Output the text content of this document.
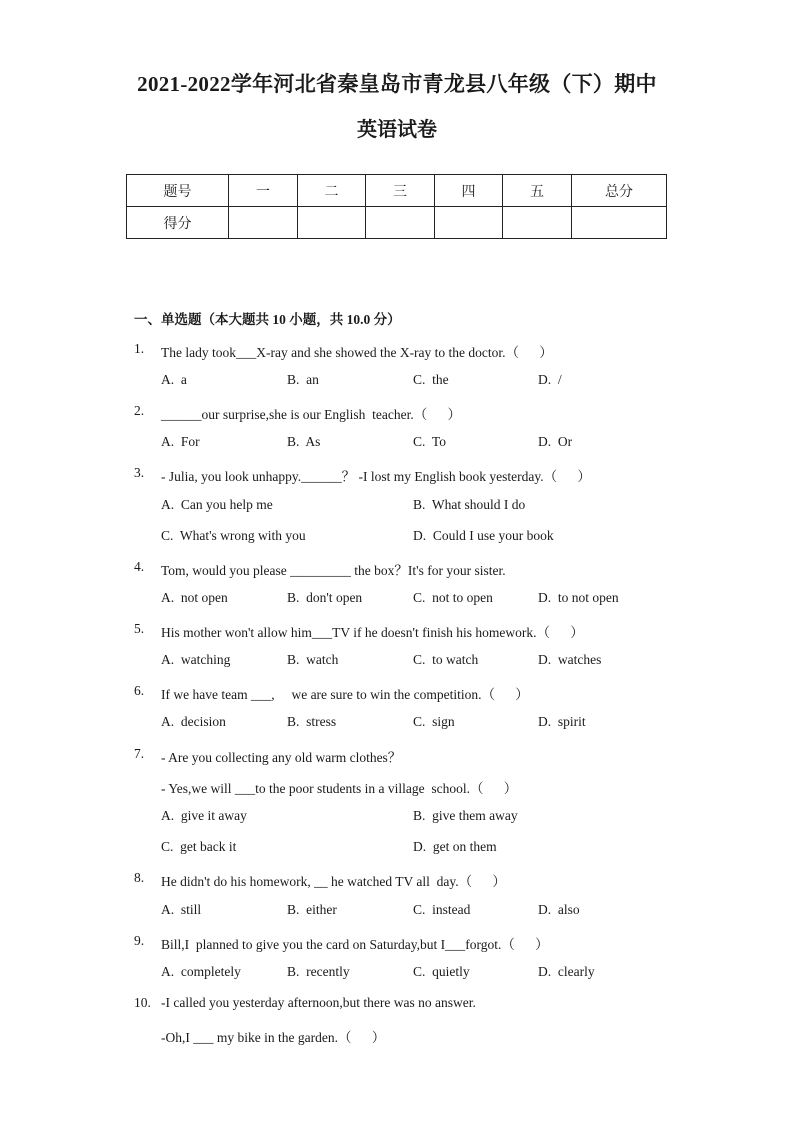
2021-2022学年河北省秦皇岛市青龙县八年级（下）期中
英语试卷
题号	一	二	三	四	五	总分
得分						
一、单选题（本大题共 10 小题，共 10.0 分）
1. The lady took___X-ray and she showed the X-ray to the doctor.（      ）
A.  a	B.  an	C.  the	D.  /
2. ______our surprise,she is our English  teacher.（      ）
A.  For	B.  As	C.  To	D.  Or
3. - Julia, you look unhappy.______？ -I lost my English book yesterday.（      ）
A.  Can you help me	B.  What should I do
C.  What's wrong with you	D.  Could I use your book
4. Tom, would you please _________ the box？It's for your sister.
A.  not open	B.  don't open	C.  not to open	D.  to not open
5. His mother won't allow him___TV if he doesn't finish his homework.（      ）
A.  watching	B.  watch	C.  to watch	D.  watches
6. If we have team ___,     we are sure to win the competition.（      ）
A.  decision	B.  stress	C.  sign	D.  spirit
7. - Are you collecting any old warm clothes？
- Yes,we will ___to the poor students in a village  school.（      ）
A.  give it away	B.  give them away
C.  get back it	D.  get on them
8. He didn't do his homework, __ he watched TV all  day.（      ）
A.  still	B.  either	C.  instead	D.  also
9. Bill,I  planned to give you the card on Saturday,but I___forgot.（      ）
A.  completely	B.  recently	C.  quietly	D.  clearly
10. -I called you yesterday afternoon,but there was no answer.
-Oh,I ___ my bike in the garden.（      ）
